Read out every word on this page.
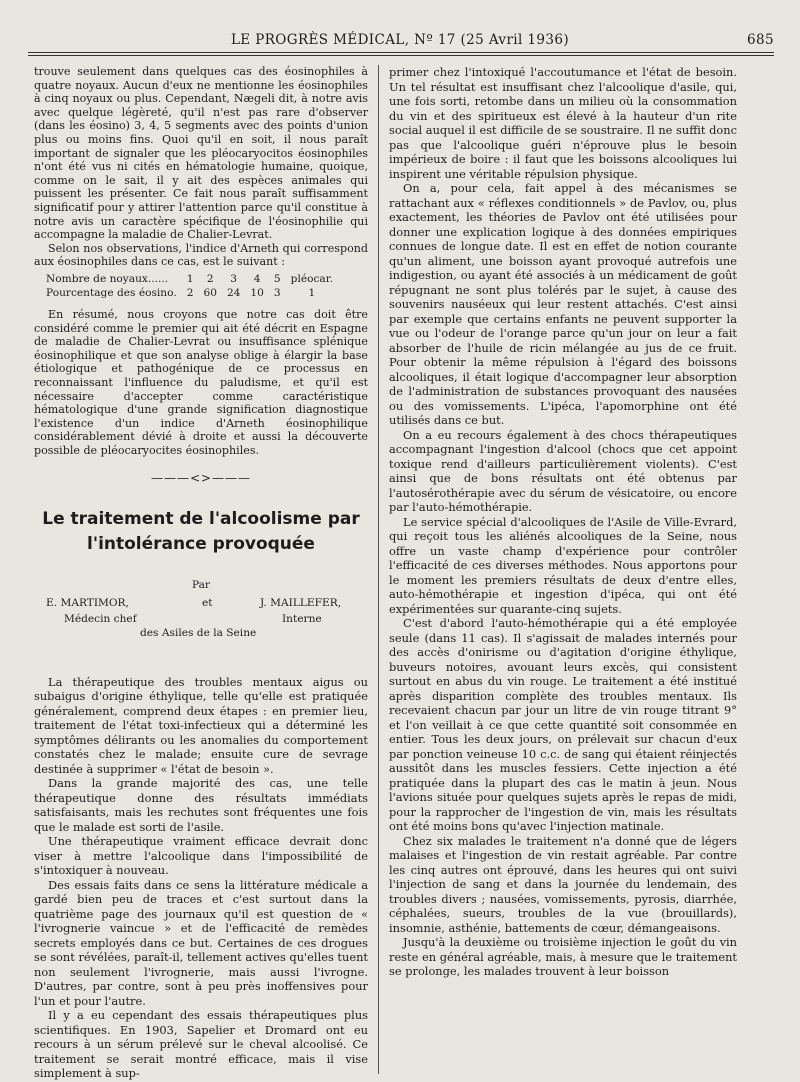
LE PROGRÈS MÉDICAL, Nº 17 (25 Avril 1936)	685

trouve seulement dans quelques cas des éosinophiles à quatre noyaux. Aucun d'eux ne mentionne les éosinophiles à cinq noyaux ou plus. Cependant, Nægeli dit, à notre avis avec quelque légèreté, qu'il n'est pas rare d'observer (dans les éosino) 3, 4, 5 segments avec des points d'union plus ou moins fins. Quoi qu'il en soit, il nous paraît important de signaler que les pléocaryocitos éosinophiles n'ont été vus ni cités en hématologie humaine, quoique, comme on le sait, il y ait des espèces animales qui puissent les présenter. Ce fait nous paraît suffisamment significatif pour y attirer l'attention parce qu'il constitue à notre avis un caractère spécifique de l'éosinophilie qui accompagne la maladie de Chalier-Levrat.

Selon nos observations, l'indice d'Arneth qui correspond aux éosinophiles dans ce cas, est le suivant :

Nombre de noyaux......	1	2	3	4	5	pléocar.
Pourcentage des éosino.	2	60	24	10	3	1

En résumé, nous croyons que notre cas doit être considéré comme le premier qui ait été décrit en Espagne de maladie de Chalier-Levrat ou insuffisance splénique éosinophilique et que son analyse oblige à élargir la base étiologique et pathogénique de ce processus en reconnaissant l'influence du paludisme, et qu'il est nécessaire d'accepter comme caractéristique hématologique d'une grande signification diagnostique l'existence d'un indice d'Arneth éosinophilique considérablement dévié à droite et aussi la découverte possible de pléocaryocites éosinophiles.

———<>———
Le traitement de l'alcoolisme par
l'intolérance provoquée
Par
E. MARTIMOR,	et	J. MAILLEFER,
Médecin chef	Interne
des Asiles de la Seine

La thérapeutique des troubles mentaux aigus ou subaigus d'origine éthylique, telle qu'elle est pratiquée généralement, comprend deux étapes : en premier lieu, traitement de l'état toxi-infectieux qui a déterminé les symptômes délirants ou les anomalies du comportement constatés chez le malade; ensuite cure de sevrage destinée à supprimer « l'état de besoin ».

Dans la grande majorité des cas, une telle thérapeutique donne des résultats immédiats satisfaisants, mais les rechutes sont fréquentes une fois que le malade est sorti de l'asile.

Une thérapeutique vraiment efficace devrait donc viser à mettre l'alcoolique dans l'impossibilité de s'intoxiquer à nouveau.

Des essais faits dans ce sens la littérature médicale a gardé bien peu de traces et c'est surtout dans la quatrième page des journaux qu'il est question de « l'ivrognerie vaincue » et de l'efficacité de remèdes secrets employés dans ce but. Certaines de ces drogues se sont révélées, paraît-il, tellement actives qu'elles tuent non seulement l'ivrognerie, mais aussi l'ivrogne. D'autres, par contre, sont à peu près inoffensives pour l'un et pour l'autre.

Il y a eu cependant des essais thérapeutiques plus scientifiques. En 1903, Sapelier et Dromard ont eu recours à un sérum prélevé sur le cheval alcoolisé. Ce traitement se serait montré efficace, mais il vise simplement à sup-

primer chez l'intoxiqué l'accoutumance et l'état de besoin. Un tel résultat est insuffisant chez l'alcoolique d'asile, qui, une fois sorti, retombe dans un milieu où la consommation du vin et des spiritueux est élevé à la hauteur d'un rite social auquel il est difficile de se soustraire. Il ne suffit donc pas que l'alcoolique guéri n'éprouve plus le besoin impérieux de boire : il faut que les boissons alcooliques lui inspirent une véritable répulsion physique.

On a, pour cela, fait appel à des mécanismes se rattachant aux « réflexes conditionnels » de Pavlov, ou, plus exactement, les théories de Pavlov ont été utilisées pour donner une explication logique à des données empiriques connues de longue date. Il est en effet de notion courante qu'un aliment, une boisson ayant provoqué autrefois une indigestion, ou ayant été associés à un médicament de goût répugnant ne sont plus tolérés par le sujet, à cause des souvenirs nauséeux qui leur restent attachés. C'est ainsi par exemple que certains enfants ne peuvent supporter la vue ou l'odeur de l'orange parce qu'un jour on leur a fait absorber de l'huile de ricin mélangée au jus de ce fruit. Pour obtenir la même répulsion à l'égard des boissons alcooliques, il était logique d'accompagner leur absorption de l'administration de substances provoquant des nausées ou des vomissements. L'ipéca, l'apomorphine ont été utilisés dans ce but.

On a eu recours également à des chocs thérapeutiques accompagnant l'ingestion d'alcool (chocs que cet appoint toxique rend d'ailleurs particulièrement violents). C'est ainsi que de bons résultats ont été obtenus par l'autosérothérapie avec du sérum de vésicatoire, ou encore par l'auto-hémothérapie.

Le service spécial d'alcooliques de l'Asile de Ville-Evrard, qui reçoit tous les aliénés alcooliques de la Seine, nous offre un vaste champ d'expérience pour contrôler l'efficacité de ces diverses méthodes. Nous apportons pour le moment les premiers résultats de deux d'entre elles, auto-hémothérapie et ingestion d'ipéca, qui ont été expérimentées sur quarante-cinq sujets.

C'est d'abord l'auto-hémothérapie qui a été employée seule (dans 11 cas). Il s'agissait de malades internés pour des accès d'onirisme ou d'agitation d'origine éthylique, buveurs notoires, avouant leurs excès, qui consistent surtout en abus du vin rouge. Le traitement a été institué après disparition complète des troubles mentaux. Ils recevaient chacun par jour un litre de vin rouge titrant 9° et l'on veillait à ce que cette quantité soit consommée en entier. Tous les deux jours, on prélevait sur chacun d'eux par ponction veineuse 10 c.c. de sang qui étaient réinjectés aussitôt dans les muscles fessiers. Cette injection a été pratiquée dans la plupart des cas le matin à jeun. Nous l'avions située pour quelques sujets après le repas de midi, pour la rapprocher de l'ingestion de vin, mais les résultats ont été moins bons qu'avec l'injection matinale.

Chez six malades le traitement n'a donné que de légers malaises et l'ingestion de vin restait agréable. Par contre les cinq autres ont éprouvé, dans les heures qui ont suivi l'injection de sang et dans la journée du lendemain, des troubles divers ; nausées, vomissements, pyrosis, diarrhée, céphalées, sueurs, troubles de la vue (brouillards), insomnie, asthénie, battements de cœur, démangeaisons.

Jusqu'à la deuxième ou troisième injection le goût du vin reste en général agréable, mais, à mesure que le traitement se prolonge, les malades trouvent à leur boisson
